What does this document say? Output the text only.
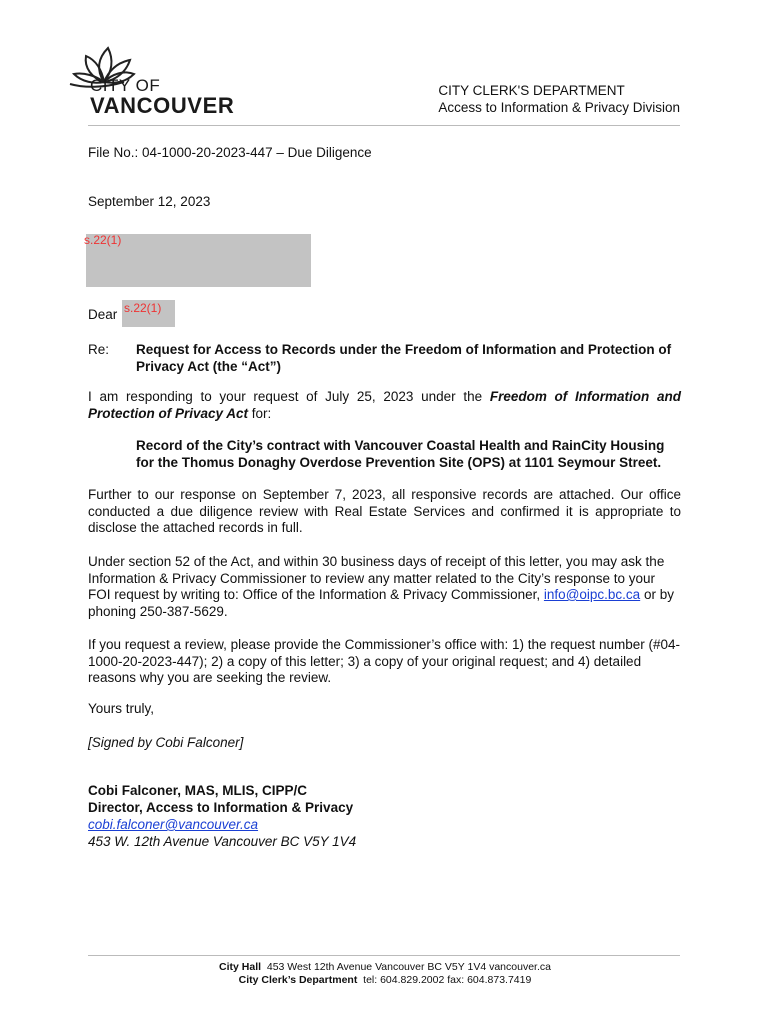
CITY OF
VANCOUVER
CITY CLERK'S DEPARTMENT
Access to Information & Privacy Division
File No.: 04-1000-20-2023-447 – Due Diligence
September 12, 2023
s.22(1)
Dear s.22(1)
Re: Request for Access to Records under the Freedom of Information and Protection of Privacy Act (the “Act”)
I am responding to your request of July 25, 2023 under the Freedom of Information and Protection of Privacy Act for:
Record of the City’s contract with Vancouver Coastal Health and RainCity Housing for the Thomus Donaghy Overdose Prevention Site (OPS) at 1101 Seymour Street.
Further to our response on September 7, 2023, all responsive records are attached. Our office conducted a due diligence review with Real Estate Services and confirmed it is appropriate to disclose the attached records in full.
Under section 52 of the Act, and within 30 business days of receipt of this letter, you may ask the Information & Privacy Commissioner to review any matter related to the City’s response to your FOI request by writing to: Office of the Information & Privacy Commissioner, info@oipc.bc.ca or by phoning 250-387-5629.
If you request a review, please provide the Commissioner’s office with: 1) the request number (#04-1000-20-2023-447); 2) a copy of this letter; 3) a copy of your original request; and 4) detailed reasons why you are seeking the review.
Yours truly,
[Signed by Cobi Falconer]
Cobi Falconer, MAS, MLIS, CIPP/C
Director, Access to Information & Privacy
cobi.falconer@vancouver.ca
453 W. 12th Avenue Vancouver BC V5Y 1V4
City Hall 453 West 12th Avenue Vancouver BC V5Y 1V4 vancouver.ca
City Clerk’s Department tel: 604.829.2002 fax: 604.873.7419
